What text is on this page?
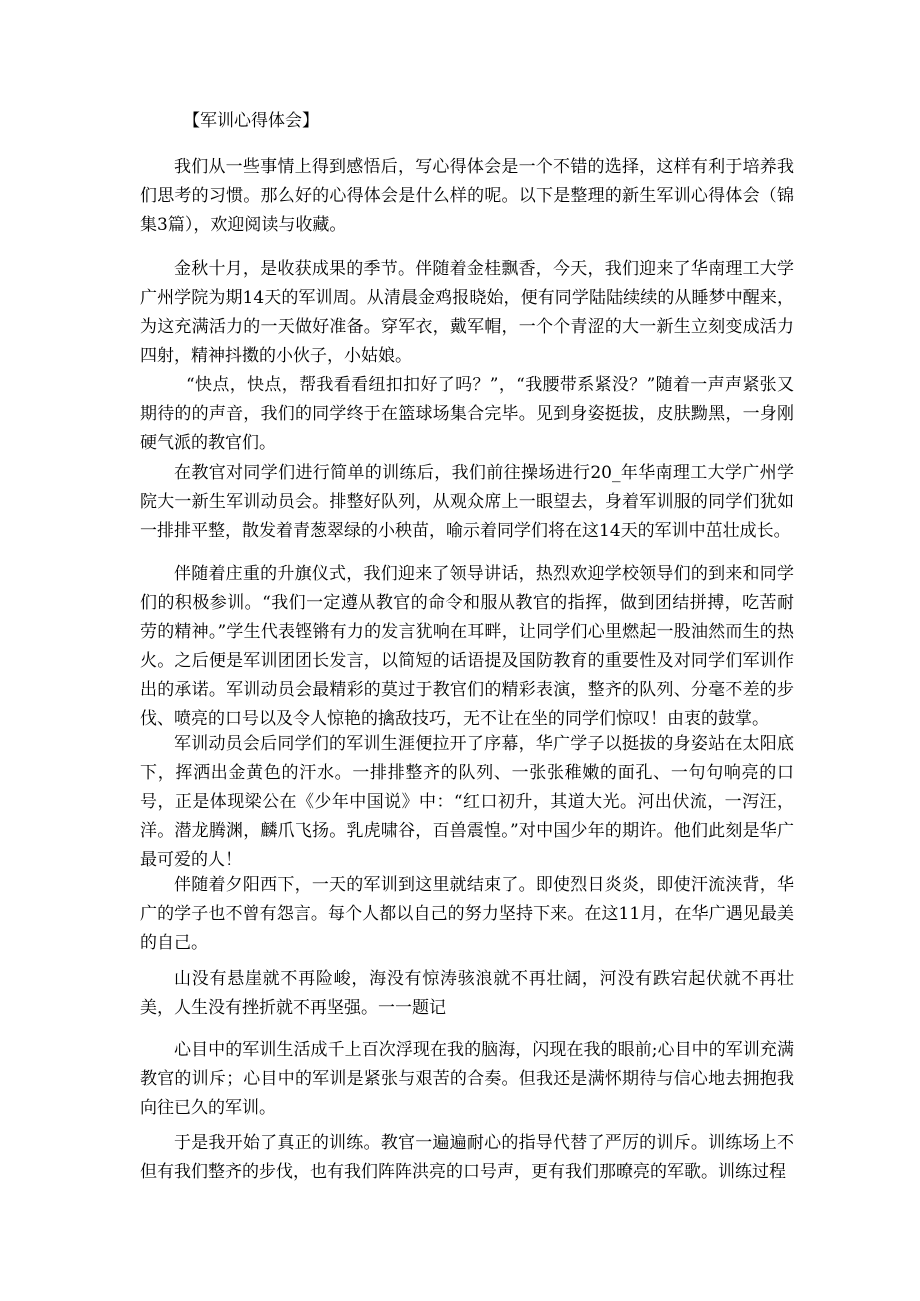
【军训心得体会】

我们从一些事情上得到感悟后，写心得体会是一个不错的选择，这样有利于培养我们思考的习惯。那么好的心得体会是什么样的呢。以下是整理的新生军训心得体会（锦集3篇），欢迎阅读与收藏。

金秋十月，是收获成果的季节。伴随着金桂飘香，今天，我们迎来了华南理工大学广州学院为期14天的军训周。从清晨金鸡报晓始，便有同学陆陆续续的从睡梦中醒来，为这充满活力的一天做好准备。穿军衣，戴军帽，一个个青涩的大一新生立刻变成活力四射，精神抖擞的小伙子，小姑娘。

“快点，快点，帮我看看纽扣扣好了吗？”，“我腰带系紧没？”随着一声声紧张又期待的的声音，我们的同学终于在篮球场集合完毕。见到身姿挺拔，皮肤黝黑，一身刚硬气派的教官们。

在教官对同学们进行简单的训练后，我们前往操场进行20_年华南理工大学广州学院大一新生军训动员会。排整好队列，从观众席上一眼望去，身着军训服的同学们犹如一排排平整，散发着青葱翠绿的小秧苗，喻示着同学们将在这14天的军训中茁壮成长。

伴随着庄重的升旗仪式，我们迎来了领导讲话，热烈欢迎学校领导们的到来和同学们的积极参训。“我们一定遵从教官的命令和服从教官的指挥，做到团结拼搏，吃苦耐劳的精神。”学生代表铿锵有力的发言犹响在耳畔，让同学们心里燃起一股油然而生的热火。之后便是军训团团长发言，以简短的话语提及国防教育的重要性及对同学们军训作出的承诺。军训动员会最精彩的莫过于教官们的精彩表演，整齐的队列、分毫不差的步伐、喷亮的口号以及令人惊艳的擒敌技巧，无不让在坐的同学们惊叹！由衷的鼓掌。

军训动员会后同学们的军训生涯便拉开了序幕，华广学子以挺拔的身姿站在太阳底下，挥洒出金黄色的汗水。一排排整齐的队列、一张张稚嫩的面孔、一句句响亮的口号，正是体现梁公在《少年中国说》中：“红口初升，其道大光。河出伏流，一泻汪，洋。潜龙腾渊，麟爪飞扬。乳虎啸谷，百兽震惶。”对中国少年的期许。他们此刻是华广最可爱的人！

伴随着夕阳西下，一天的军训到这里就结束了。即使烈日炎炎，即使汗流浃背，华广的学子也不曾有怨言。每个人都以自己的努力坚持下来。在这11月，在华广遇见最美的自己。

山没有悬崖就不再险峻，海没有惊涛骇浪就不再壮阔，河没有跌宕起伏就不再壮美，人生没有挫折就不再坚强。一一题记

心目中的军训生活成千上百次浮现在我的脑海，闪现在我的眼前;心目中的军训充满教官的训斥；心目中的军训是紧张与艰苦的合奏。但我还是满怀期待与信心地去拥抱我向往已久的军训。

于是我开始了真正的训练。教官一遍遍耐心的指导代替了严厉的训斥。训练场上不但有我们整齐的步伐，也有我们阵阵洪亮的口号声，更有我们那暸亮的军歌。训练过程
